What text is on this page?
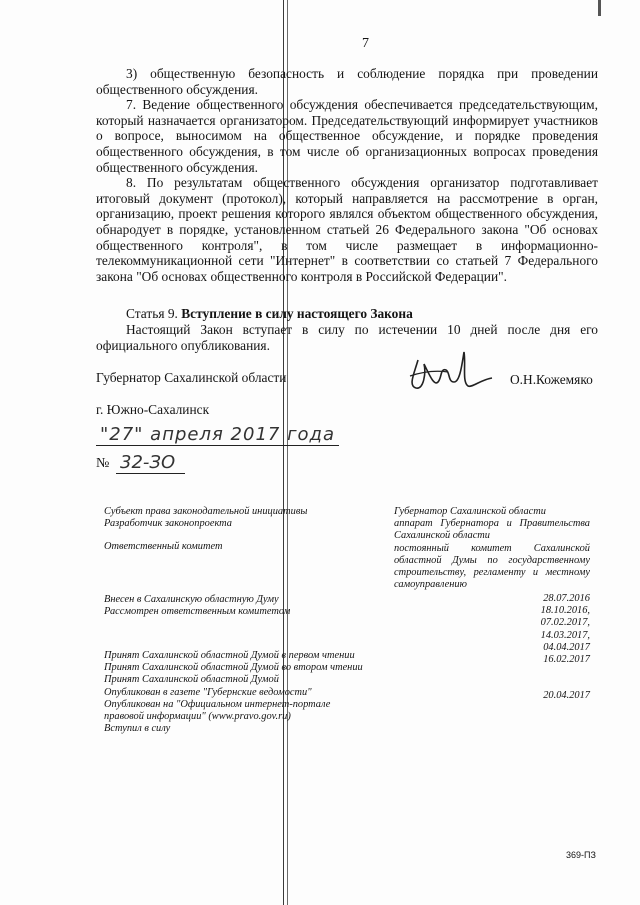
7

3) общественную безопасность и соблюдение порядка при проведении общественного обсуждения.

7. Ведение общественного обсуждения обеспечивается председательствующим, который назначается организатором. Председательствующий информирует участников о вопросе, выносимом на общественное обсуждение, и порядке проведения общественного обсуждения, в том числе об организационных вопросах проведения общественного обсуждения.

8. По результатам общественного обсуждения организатор подготавливает итоговый документ (протокол), который направляется на рассмотрение в орган, организацию, проект решения которого являлся объектом общественного обсуждения, обнародует в порядке, установленном статьей 26 Федерального закона "Об основах общественного контроля", в том числе размещает в информационно-телекоммуникационной сети "Интернет" в соответствии со статьей 7 Федерального закона "Об основах общественного контроля в Российской Федерации".

Статья 9. Вступление в силу настоящего Закона

Настоящий Закон вступает в силу по истечении 10 дней после дня его официального опубликования.

Губернатор Сахалинской области	О.Н.Кожемяко
г. Южно-Сахалинск
"27" апреля 2017 года
№ 32-ЗО

Субъект права законодательной инициативы

Разработчик законопроекта

Ответственный комитет

Внесен в Сахалинскую областную Думу

Рассмотрен ответственным комитетом

Принят Сахалинской областной Думой в первом чтении

Принят Сахалинской областной Думой во втором чтении

Принят Сахалинской областной Думой

Опубликован в газете "Губернские ведомости"

Опубликован на "Официальном интернет-портале правовой информации" (www.pravo.gov.ru)

Вступил в силу

Губернатор Сахалинской области

аппарат Губернатора и Правительства Сахалинской области

постоянный комитет Сахалинской областной Думы по государственному строительству, регламенту и местному самоуправлению

28.07.2016

18.10.2016,

07.02.2017,

14.03.2017,

04.04.2017

16.02.2017

20.04.2017

369-ПЗ
